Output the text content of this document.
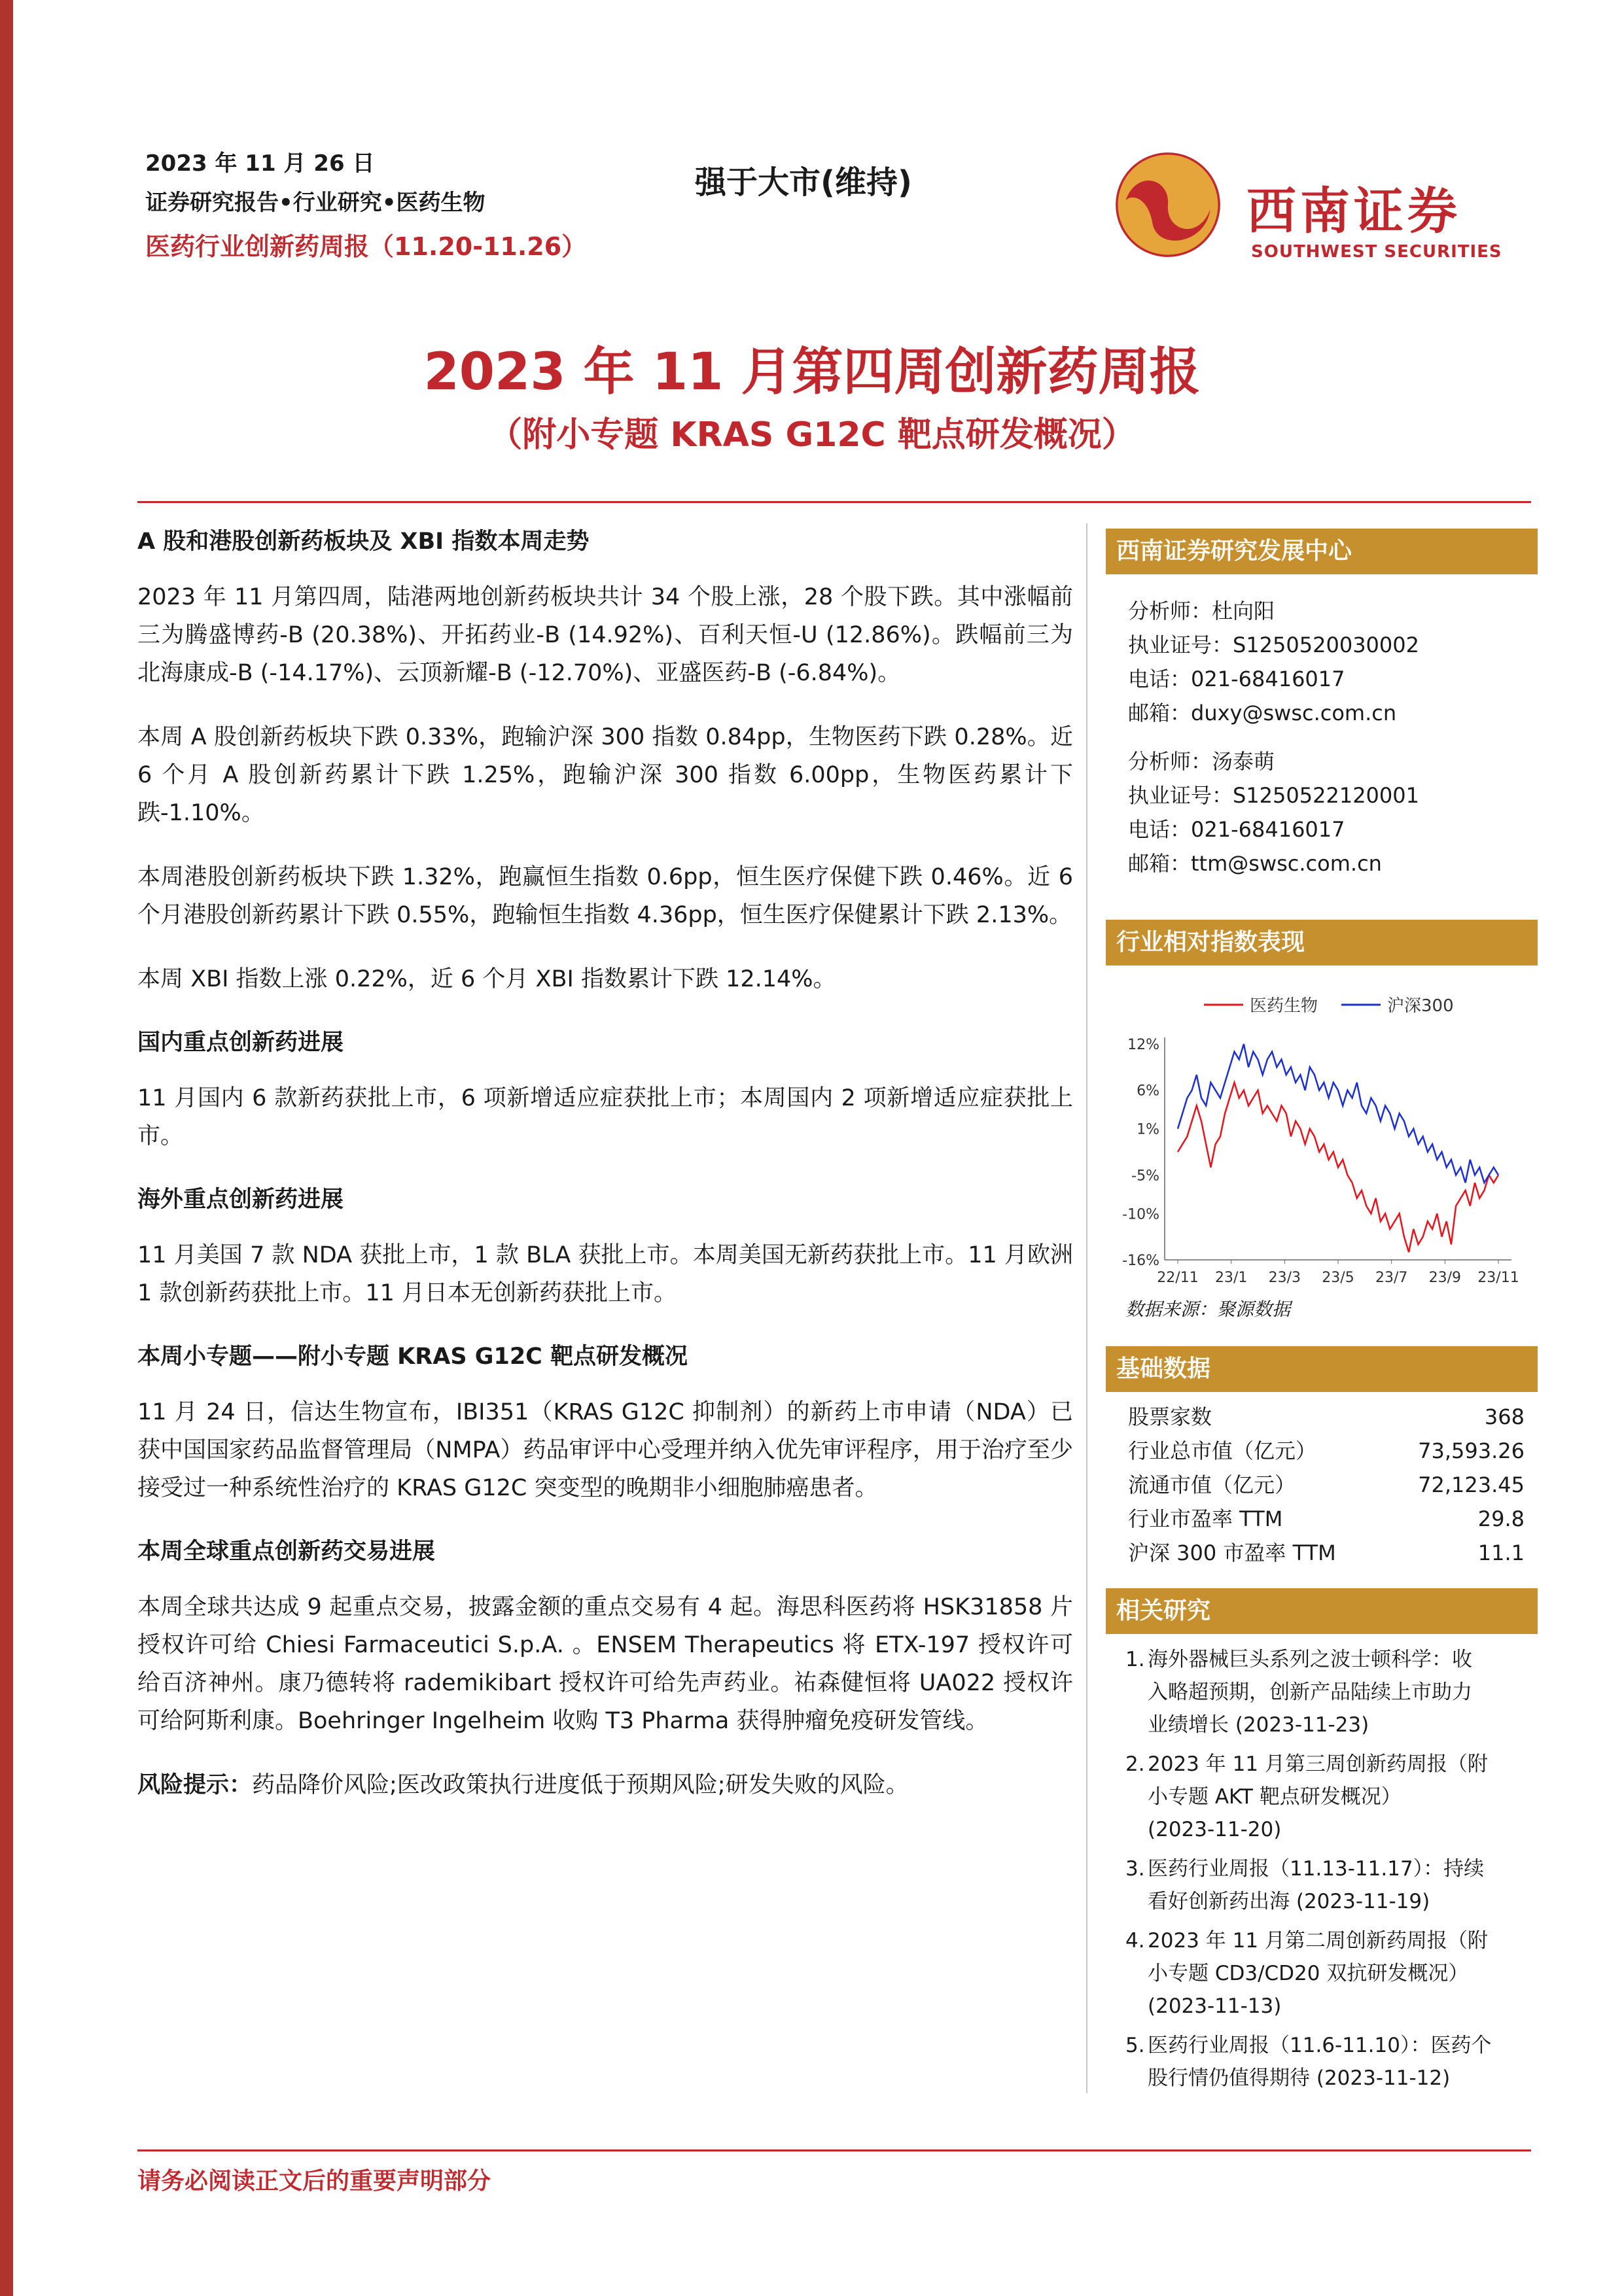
2023 年 11 月 26 日
证券研究报告•行业研究•医药生物
医药行业创新药周报（11.20-11.26）
强于大市(维持)	西南证券
SOUTHWEST SECURITIES
2023 年 11 月第四周创新药周报
（附小专题 KRAS G12C 靶点研发概况）
A 股和港股创新药板块及 XBI 指数本周走势

2023 年 11 月第四周，陆港两地创新药板块共计 34 个股上涨，28 个股下跌。其中涨幅前三为腾盛博药-B (20.38%)、开拓药业-B (14.92%)、百利天恒-U (12.86%)。跌幅前三为北海康成-B (-14.17%)、云顶新耀-B (-12.70%)、亚盛医药-B (-6.84%)。

本周 A 股创新药板块下跌 0.33%，跑输沪深 300 指数 0.84pp，生物医药下跌 0.28%。近 6 个月 A 股创新药累计下跌 1.25%，跑输沪深 300 指数 6.00pp，生物医药累计下跌-1.10%。

本周港股创新药板块下跌 1.32%，跑赢恒生指数 0.6pp，恒生医疗保健下跌 0.46%。近 6 个月港股创新药累计下跌 0.55%，跑输恒生指数 4.36pp，恒生医疗保健累计下跌 2.13%。

本周 XBI 指数上涨 0.22%，近 6 个月 XBI 指数累计下跌 12.14%。

国内重点创新药进展

11 月国内 6 款新药获批上市，6 项新增适应症获批上市；本周国内 2 项新增适应症获批上市。

海外重点创新药进展

11 月美国 7 款 NDA 获批上市，1 款 BLA 获批上市。本周美国无新药获批上市。11 月欧洲 1 款创新药获批上市。11 月日本无创新药获批上市。

本周小专题——附小专题 KRAS G12C 靶点研发概况

11 月 24 日，信达生物宣布，IBI351（KRAS G12C 抑制剂）的新药上市申请（NDA）已获中国国家药品监督管理局（NMPA）药品审评中心受理并纳入优先审评程序，用于治疗至少接受过一种系统性治疗的 KRAS G12C 突变型的晚期非小细胞肺癌患者。

本周全球重点创新药交易进展

本周全球共达成 9 起重点交易，披露金额的重点交易有 4 起。海思科医药将 HSK31858 片授权许可给 Chiesi Farmaceutici S.p.A. 。ENSEM Therapeutics 将 ETX-197 授权许可给百济神州。康乃德转将 rademikibart 授权许可给先声药业。祐森健恒将 UA022 授权许可给阿斯利康。Boehringer Ingelheim 收购 T3 Pharma 获得肿瘤免疫研发管线。

风险提示：药品降价风险;医改政策执行进度低于预期风险;研发失败的风险。

西南证券研究发展中心
分析师：杜向阳
执业证号：S1250520030002
电话：021-68416017
邮箱：duxy@swsc.com.cn
分析师：汤泰萌
执业证号：S1250522120001
电话：021-68416017
邮箱：ttm@swsc.com.cn
行业相对指数表现
医药生物	沪深300
12%
6%
1%
-5%
-10%
-16%
22/11 23/1 23/3 23/5 23/7 23/9 23/11
数据来源：聚源数据
基础数据
股票家数	368
行业总市值（亿元）	73,593.26
流通市值（亿元）	72,123.45
行业市盈率 TTM	29.8
沪深 300 市盈率 TTM	11.1
相关研究
1. 海外器械巨头系列之波士顿科学：收
入略超预期，创新产品陆续上市助力
业绩增长 (2023-11-23)
2. 2023 年 11 月第三周创新药周报（附
小专题 AKT 靶点研发概况）
(2023-11-20)
3. 医药行业周报（11.13-11.17）：持续
看好创新药出海 (2023-11-19)
4. 2023 年 11 月第二周创新药周报（附
小专题 CD3/CD20 双抗研发概况）
(2023-11-13)
5. 医药行业周报（11.6-11.10）：医药个
股行情仍值得期待 (2023-11-12)
请务必阅读正文后的重要声明部分
